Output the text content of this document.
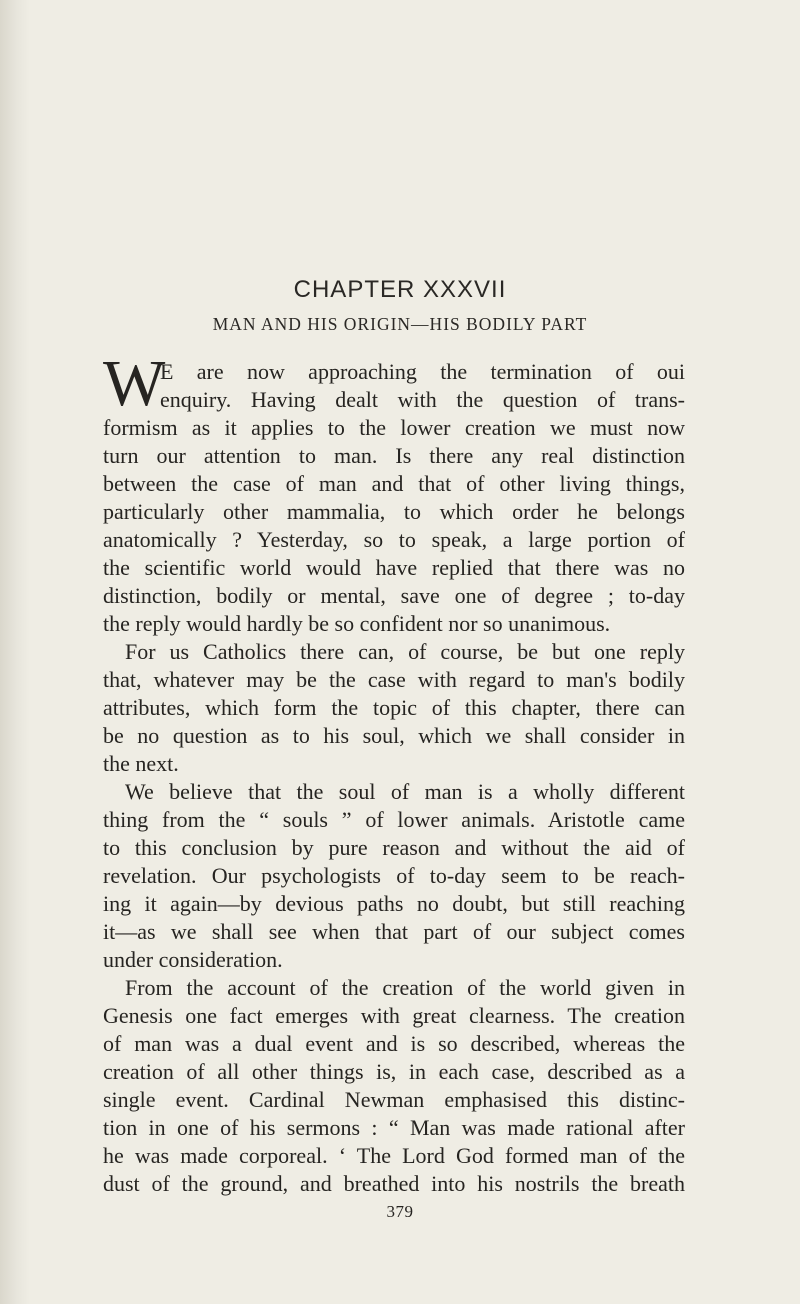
CHAPTER XXXVII
MAN AND HIS ORIGIN—HIS BODILY PART
W
E are now approaching the termination of oui
enquiry. Having dealt with the question of trans-
formism as it applies to the lower creation we must now
turn our attention to man. Is there any real distinction
between the case of man and that of other living things,
particularly other mammalia, to which order he belongs
anatomically ? Yesterday, so to speak, a large portion of
the scientific world would have replied that there was no
distinction, bodily or mental, save one of degree ; to-day
the reply would hardly be so confident nor so unanimous.
For us Catholics there can, of course, be but one reply
that, whatever may be the case with regard to man's bodily
attributes, which form the topic of this chapter, there can
be no question as to his soul, which we shall consider in
the next.
We believe that the soul of man is a wholly different
thing from the “ souls ” of lower animals. Aristotle came
to this conclusion by pure reason and without the aid of
revelation. Our psychologists of to-day seem to be reach-
ing it again—by devious paths no doubt, but still reaching
it—as we shall see when that part of our subject comes
under consideration.
From the account of the creation of the world given in
Genesis one fact emerges with great clearness. The creation
of man was a dual event and is so described, whereas the
creation of all other things is, in each case, described as a
single event. Cardinal Newman emphasised this distinc-
tion in one of his sermons : “ Man was made rational after
he was made corporeal. ‘ The Lord God formed man of the
dust of the ground, and breathed into his nostrils the breath
379
